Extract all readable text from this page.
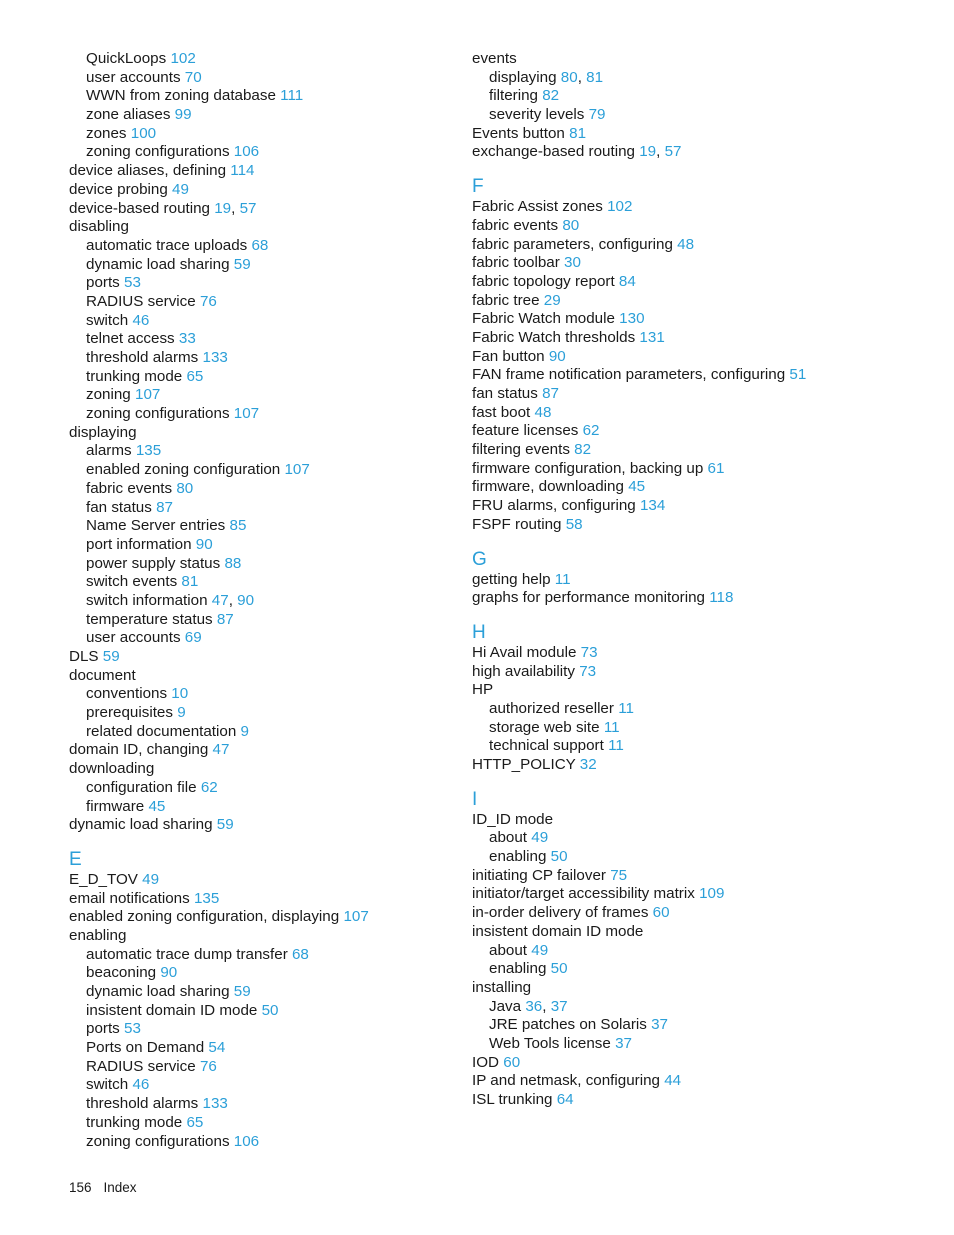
QuickLoops 102
user accounts 70
WWN from zoning database 111
zone aliases 99
zones 100
zoning configurations 106
device aliases, defining 114
device probing 49
device-based routing 19, 57
disabling
automatic trace uploads 68
dynamic load sharing 59
ports 53
RADIUS service 76
switch 46
telnet access 33
threshold alarms 133
trunking mode 65
zoning 107
zoning configurations 107
displaying
alarms 135
enabled zoning configuration 107
fabric events 80
fan status 87
Name Server entries 85
port information 90
power supply status 88
switch events 81
switch information 47, 90
temperature status 87
user accounts 69
DLS 59
document
conventions 10
prerequisites 9
related documentation 9
domain ID, changing 47
downloading
configuration file 62
firmware 45
dynamic load sharing 59
E
E_D_TOV 49
email notifications 135
enabled zoning configuration, displaying 107
enabling
automatic trace dump transfer 68
beaconing 90
dynamic load sharing 59
insistent domain ID mode 50
ports 53
Ports on Demand 54
RADIUS service 76
switch 46
threshold alarms 133
trunking mode 65
zoning configurations 106
events
displaying 80, 81
filtering 82
severity levels 79
Events button 81
exchange-based routing 19, 57
F
Fabric Assist zones 102
fabric events 80
fabric parameters, configuring 48
fabric toolbar 30
fabric topology report 84
fabric tree 29
Fabric Watch module 130
Fabric Watch thresholds 131
Fan button 90
FAN frame notification parameters, configuring 51
fan status 87
fast boot 48
feature licenses 62
filtering events 82
firmware configuration, backing up 61
firmware, downloading 45
FRU alarms, configuring 134
FSPF routing 58
G
getting help 11
graphs for performance monitoring 118
H
Hi Avail module 73
high availability 73
HP
authorized reseller 11
storage web site 11
technical support 11
HTTP_POLICY 32
I
ID_ID mode
about 49
enabling 50
initiating CP failover 75
initiator/target accessibility matrix 109
in-order delivery of frames 60
insistent domain ID mode
about 49
enabling 50
installing
Java 36, 37
JRE patches on Solaris 37
Web Tools license 37
IOD 60
IP and netmask, configuring 44
ISL trunking 64
156 Index
